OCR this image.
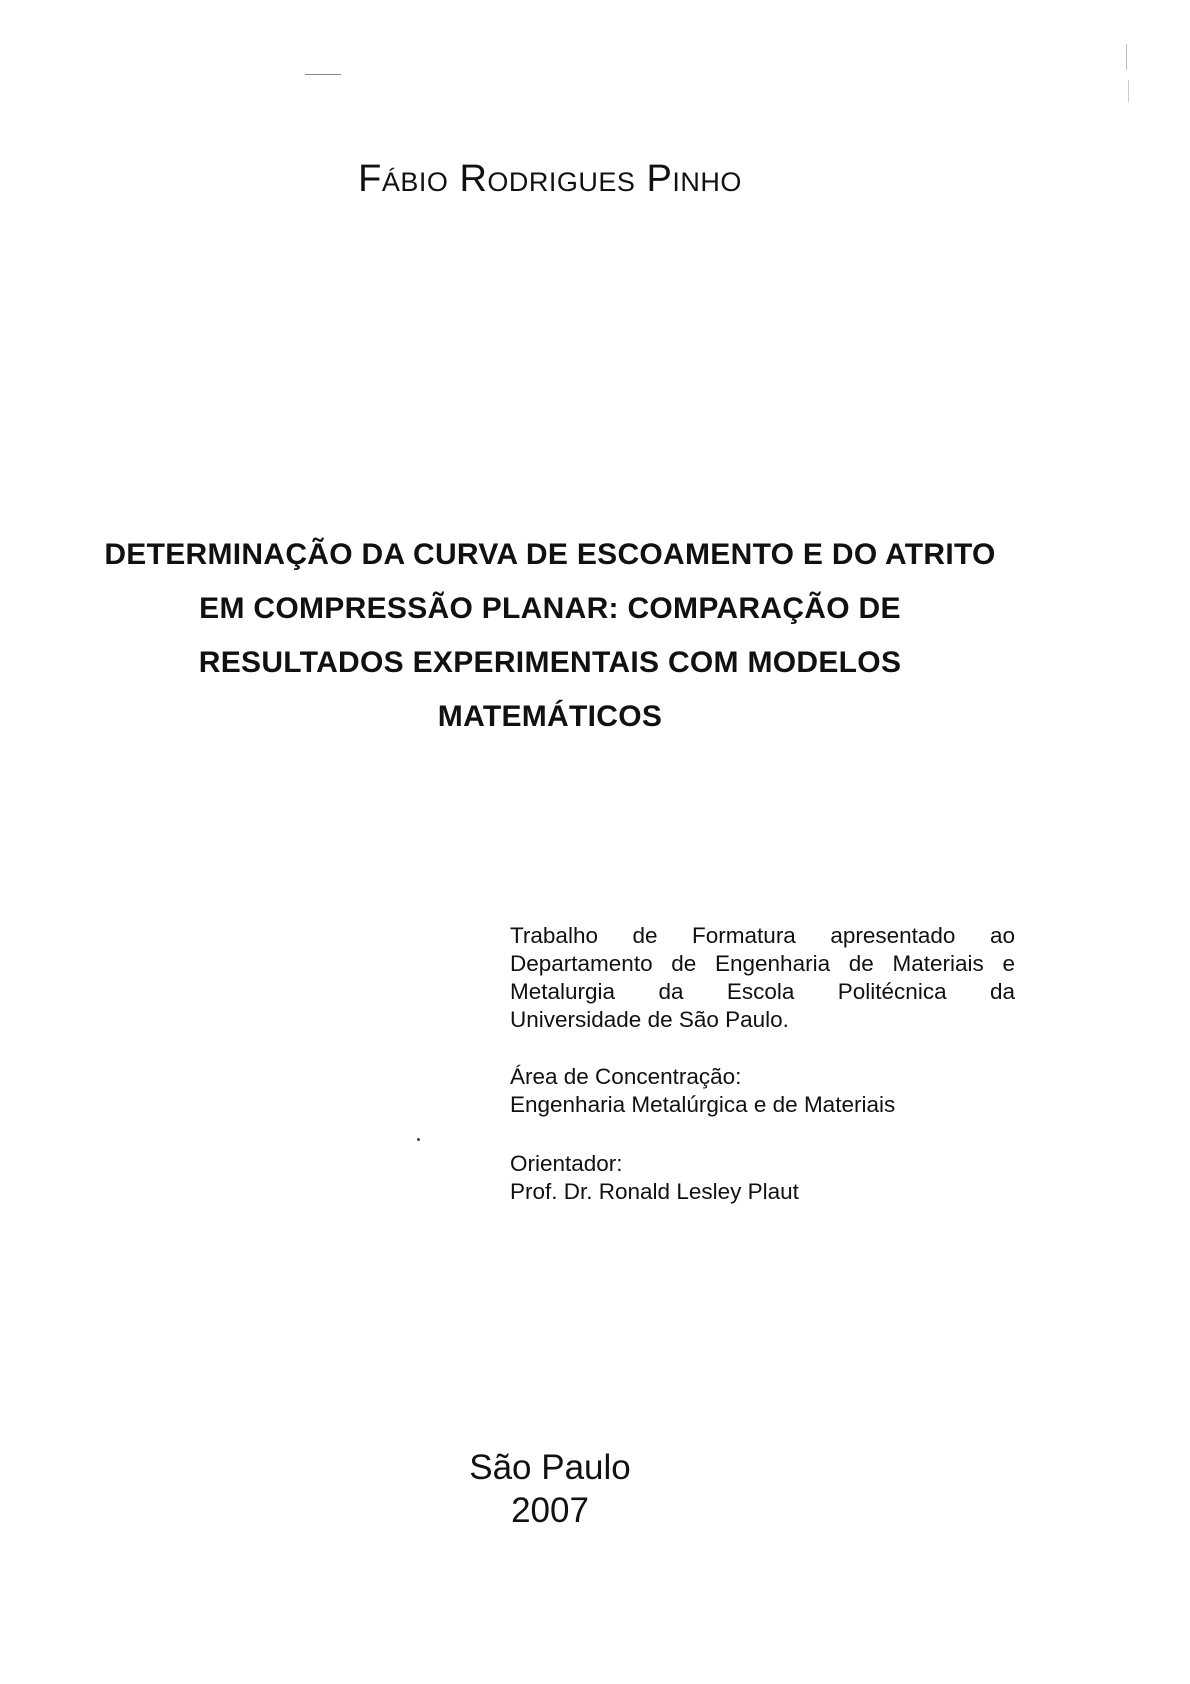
Fábio Rodrigues Pinho
DETERMINAÇÃO DA CURVA DE ESCOAMENTO E DO ATRITO
EM COMPRESSÃO PLANAR: COMPARAÇÃO DE
RESULTADOS EXPERIMENTAIS COM MODELOS
MATEMÁTICOS
Trabalho de Formatura apresentado ao
Departamento de Engenharia de Materiais e
Metalurgia da Escola Politécnica da
Universidade de São Paulo.
Área de Concentração:
Engenharia Metalúrgica e de Materiais
Orientador:
Prof. Dr. Ronald Lesley Plaut
São Paulo
2007
